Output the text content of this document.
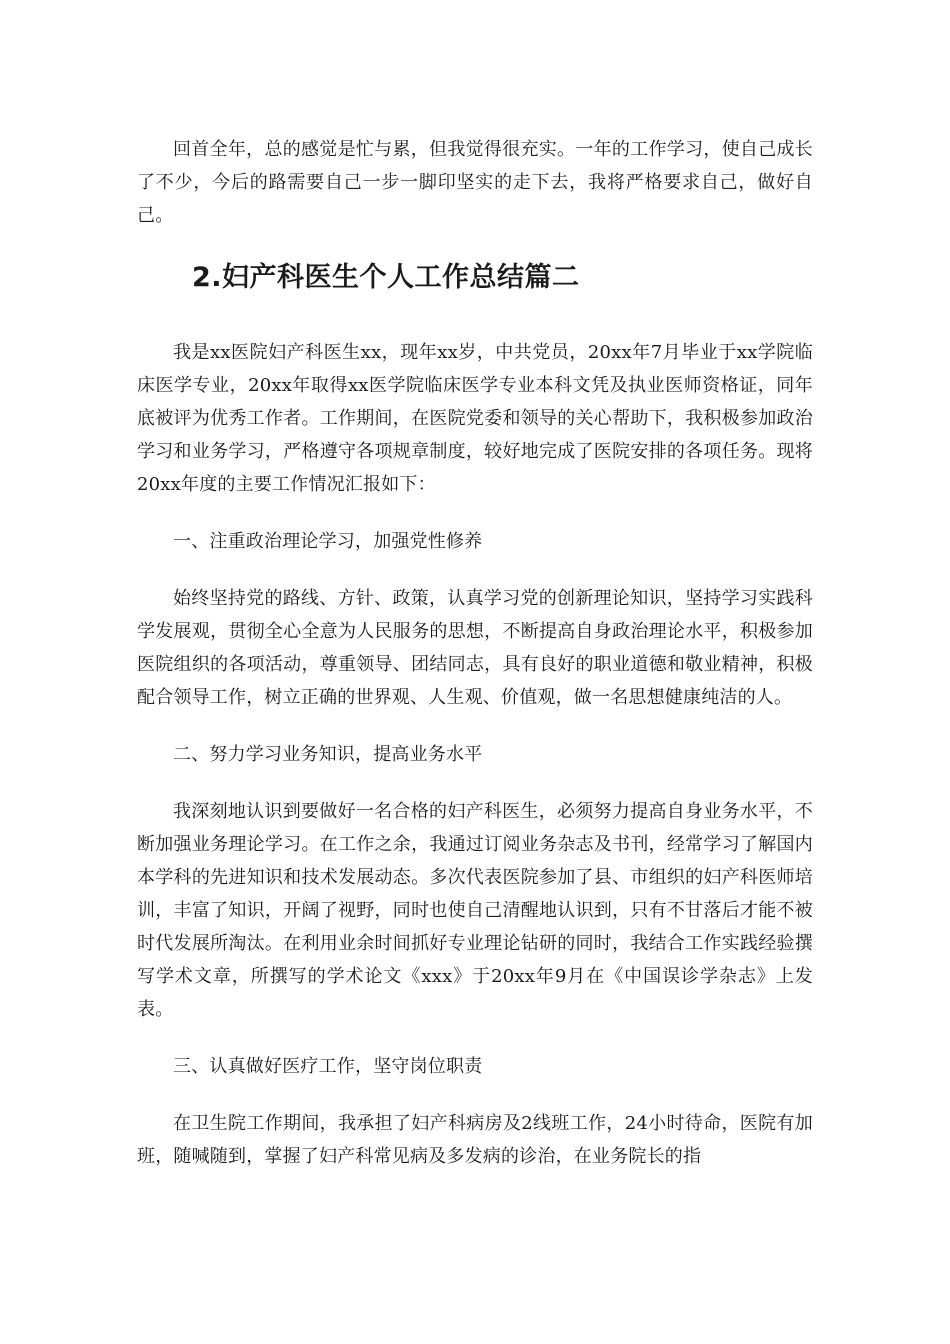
回首全年，总的感觉是忙与累，但我觉得很充实。一年的工作学习，使自己成长了不少，今后的路需要自己一步一脚印坚实的走下去，我将严格要求自己，做好自己。

2.妇产科医生个人工作总结篇二

我是xx医院妇产科医生xx，现年xx岁，中共党员，20xx年7月毕业于xx学院临床医学专业，20xx年取得xx医学院临床医学专业本科文凭及执业医师资格证，同年底被评为优秀工作者。工作期间，在医院党委和领导的关心帮助下，我积极参加政治学习和业务学习，严格遵守各项规章制度，较好地完成了医院安排的各项任务。现将20xx年度的主要工作情况汇报如下：

一、注重政治理论学习，加强党性修养

始终坚持党的路线、方针、政策，认真学习党的创新理论知识，坚持学习实践科学发展观，贯彻全心全意为人民服务的思想，不断提高自身政治理论水平，积极参加医院组织的各项活动，尊重领导、团结同志，具有良好的职业道德和敬业精神，积极配合领导工作，树立正确的世界观、人生观、价值观，做一名思想健康纯洁的人。

二、努力学习业务知识，提高业务水平

我深刻地认识到要做好一名合格的妇产科医生，必须努力提高自身业务水平，不断加强业务理论学习。在工作之余，我通过订阅业务杂志及书刊，经常学习了解国内本学科的先进知识和技术发展动态。多次代表医院参加了县、市组织的妇产科医师培训，丰富了知识，开阔了视野，同时也使自己清醒地认识到，只有不甘落后才能不被时代发展所淘汰。在利用业余时间抓好专业理论钻研的同时，我结合工作实践经验撰写学术文章，所撰写的学术论文《xxx》于20xx年9月在《中国误诊学杂志》上发表。

三、认真做好医疗工作，坚守岗位职责

在卫生院工作期间，我承担了妇产科病房及2线班工作，24小时待命，医院有加班，随喊随到，掌握了妇产科常见病及多发病的诊治，在业务院长的指
